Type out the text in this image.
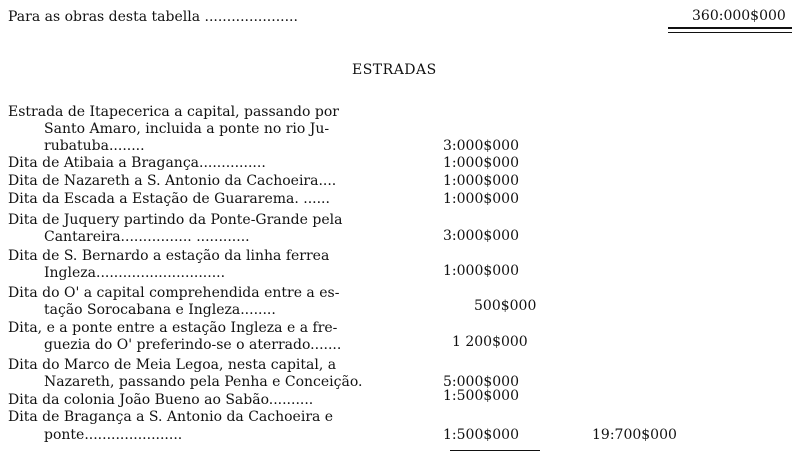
Para as obras desta tabella .....................	360:000$000
ESTRADAS
Estrada de Itapecerica a capital, passando por
Santo Amaro, incluida a ponte no rio Ju-
rubatuba........	3:000$000
Dita de Atibaia a Bragança...............	1:000$000
Dita de Nazareth a S. Antonio da Cachoeira....	1:000$000
Dita da Escada a Estação de Guararema. ......	1:000$000
Dita de Juquery partindo da Ponte-Grande pela
Cantareira................ ............	3:000$000
Dita de S. Bernardo a estação da linha ferrea
Ingleza.............................	1:000$000
Dita do O' a capital comprehendida entre a es-
tação Sorocabana e Ingleza........	500$000
Dita, e a ponte entre a estação Ingleza e a fre-
guezia do O' preferindo-se o aterrado.......	1 200$000
Dita do Marco de Meia Legoa, nesta capital, a
Nazareth, passando pela Penha e Conceição.	5:000$000
Dita da colonia João Bueno ao Sabão..........	1:500$000
Dita de Bragança a S. Antonio da Cachoeira e
ponte......................	1:500$000	19:700$000
